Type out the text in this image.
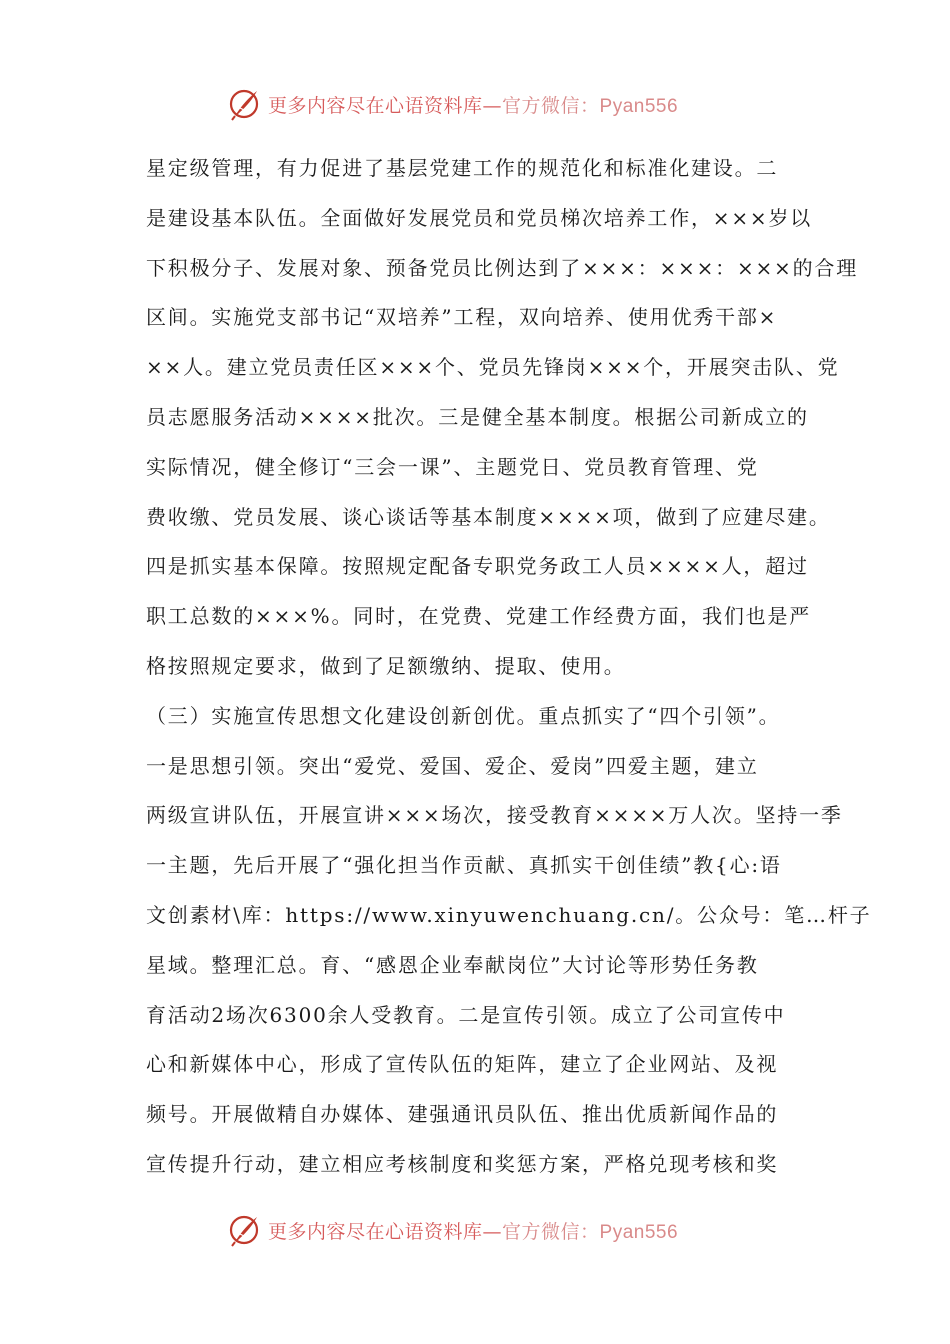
更多内容尽在心语资料库—官方微信：Pyan556
星定级管理，有力促进了基层党建工作的规范化和标准化建设。二
是建设基本队伍。全面做好发展党员和党员梯次培养工作，×××岁以
下积极分子、发展对象、预备党员比例达到了×××：×××：×××的合理
区间。实施党支部书记“双培养”工程，双向培养、使用优秀干部×
××人。建立党员责任区×××个、党员先锋岗×××个，开展突击队、党
员志愿服务活动××××批次。三是健全基本制度。根据公司新成立的
实际情况，健全修订“三会一课”、主题党日、党员教育管理、党
费收缴、党员发展、谈心谈话等基本制度××××项，做到了应建尽建。
四是抓实基本保障。按照规定配备专职党务政工人员××××人，超过
职工总数的×××%。同时，在党费、党建工作经费方面，我们也是严
格按照规定要求，做到了足额缴纳、提取、使用。
（三）实施宣传思想文化建设创新创优。重点抓实了“四个引领”。
一是思想引领。突出“爱党、爱国、爱企、爱岗”四爱主题，建立
两级宣讲队伍，开展宣讲×××场次，接受教育××××万人次。坚持一季
一主题，先后开展了“强化担当作贡献、真抓实干创佳绩”教{心:语
文创素材\库：https://www.xinyuwenchuang.cn/。公众号：笔…杆子
星域。整理汇总。育、“感恩企业奉献岗位”大讨论等形势任务教
育活动2场次6300余人受教育。二是宣传引领。成立了公司宣传中
心和新媒体中心，形成了宣传队伍的矩阵，建立了企业网站、及视
频号。开展做精自办媒体、建强通讯员队伍、推出优质新闻作品的
宣传提升行动，建立相应考核制度和奖惩方案，严格兑现考核和奖
更多内容尽在心语资料库—官方微信：Pyan556
